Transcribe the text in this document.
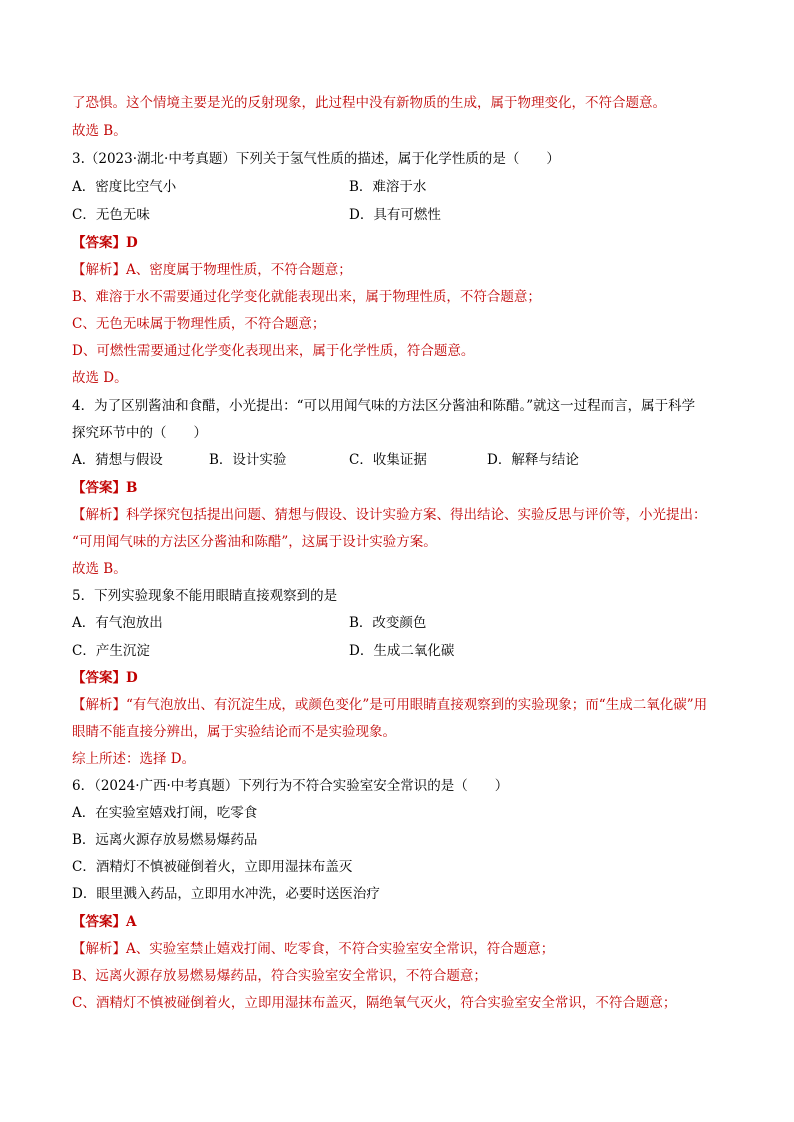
了恐惧。这个情境主要是光的反射现象，此过程中没有新物质的生成，属于物理变化，不符合题意。
故选 B。
3.（2023·湖北·中考真题）下列关于氢气性质的描述，属于化学性质的是（　　）
A．密度比空气小	B．难溶于水
C．无色无味	D．具有可燃性
【答案】D
【解析】A、密度属于物理性质，不符合题意；
B、难溶于水不需要通过化学变化就能表现出来，属于物理性质，不符合题意；
C、无色无味属于物理性质，不符合题意；
D、可燃性需要通过化学变化表现出来，属于化学性质，符合题意。
故选 D。
4．为了区别酱油和食醋，小光提出：“可以用闻气味的方法区分酱油和陈醋。”就这一过程而言，属于科学
探究环节中的（　　）
A．猜想与假设	B．设计实验	C．收集证据	D．解释与结论
【答案】B
【解析】科学探究包括提出问题、猜想与假设、设计实验方案、得出结论、实验反思与评价等，小光提出：
“可用闻气味的方法区分酱油和陈醋”，这属于设计实验方案。
故选 B。
5．下列实验现象不能用眼睛直接观察到的是
A．有气泡放出	B．改变颜色
C．产生沉淀	D．生成二氧化碳
【答案】D
【解析】“有气泡放出、有沉淀生成，或颜色变化”是可用眼睛直接观察到的实验现象；而“生成二氧化碳”用
眼睛不能直接分辨出，属于实验结论而不是实验现象。
综上所述：选择 D。
6．（2024·广西·中考真题）下列行为不符合实验室安全常识的是（　　）
A．在实验室嬉戏打闹，吃零食
B．远离火源存放易燃易爆药品
C．酒精灯不慎被碰倒着火，立即用湿抹布盖灭
D．眼里溅入药品，立即用水冲洗，必要时送医治疗
【答案】A
【解析】A、实验室禁止嬉戏打闹、吃零食，不符合实验室安全常识，符合题意；
B、远离火源存放易燃易爆药品，符合实验室安全常识，不符合题意；
C、酒精灯不慎被碰倒着火，立即用湿抹布盖灭，隔绝氧气灭火，符合实验室安全常识，不符合题意；
